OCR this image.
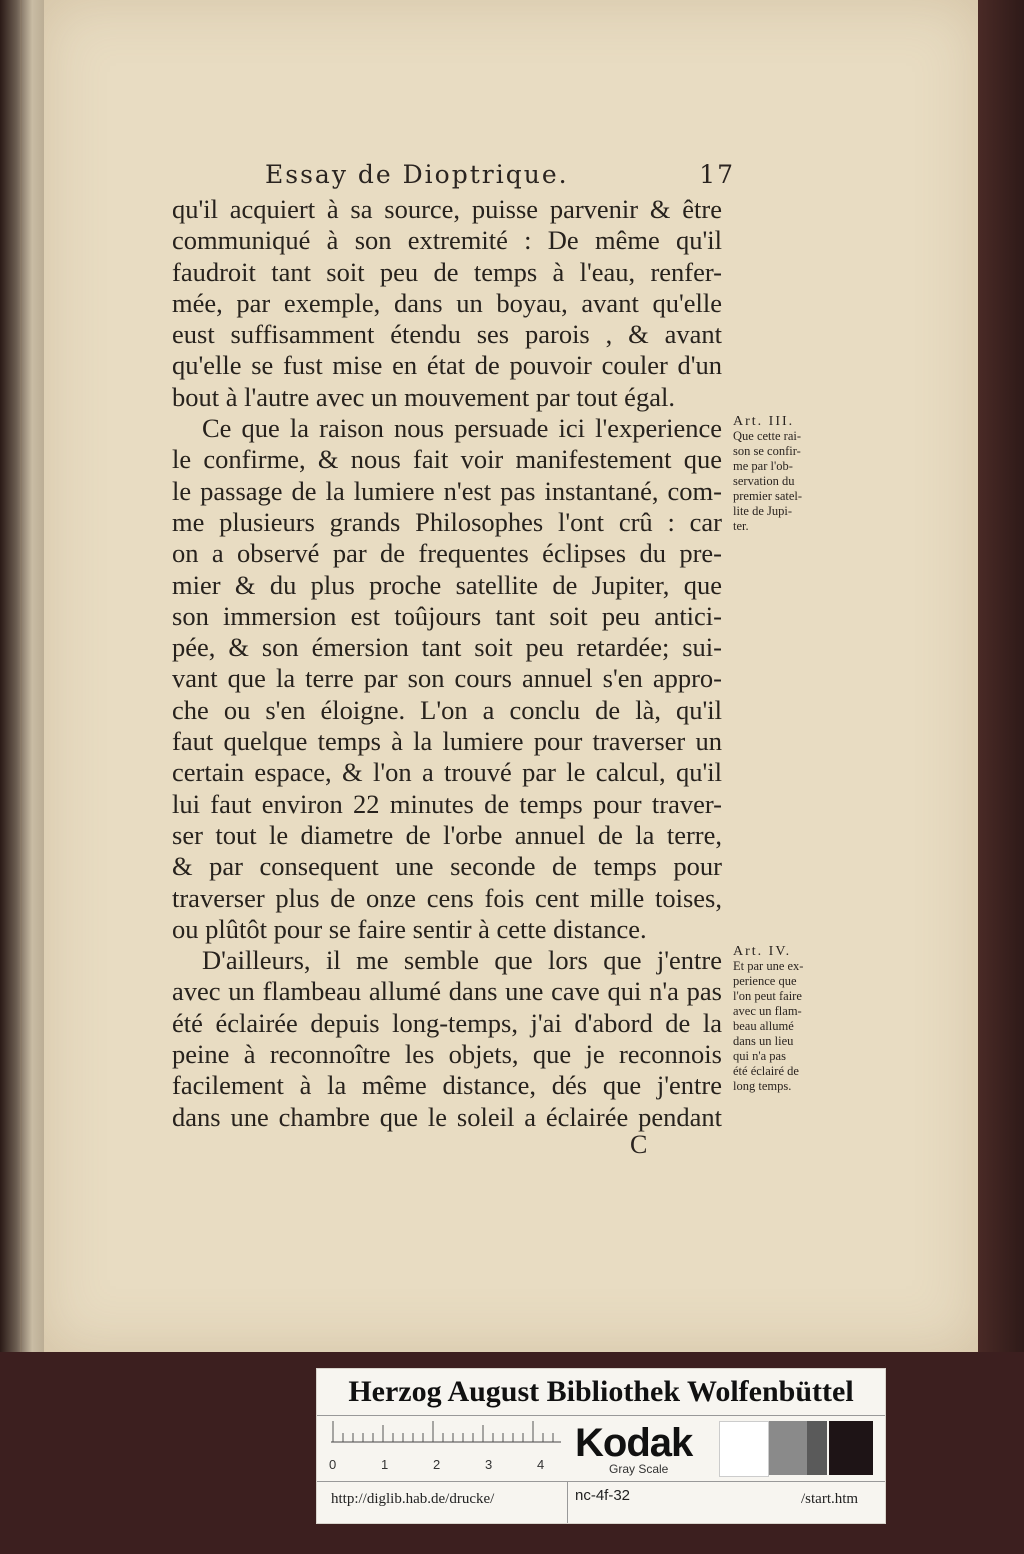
Essay de Dioptrique.	17
qu'il acquiert à sa source, puisse parvenir & être
communiqué à son extremité : De même qu'il
faudroit tant soit peu de temps à l'eau, renfer-
mée, par exemple, dans un boyau, avant qu'elle
eust suffisamment étendu ses parois , & avant
qu'elle se fust mise en état de pouvoir couler d'un
bout à l'autre avec un mouvement par tout égal.
Ce que la raison nous persuade ici l'experience
le confirme, & nous fait voir manifestement que
le passage de la lumiere n'est pas instantané, com-
me plusieurs grands Philosophes l'ont crû : car
on a observé par de frequentes éclipses du pre-
mier & du plus proche satellite de Jupiter, que
son immersion est toûjours tant soit peu antici-
pée, & son émersion tant soit peu retardée; sui-
vant que la terre par son cours annuel s'en appro-
che ou s'en éloigne. L'on a conclu de là, qu'il
faut quelque temps à la lumiere pour traverser un
certain espace, & l'on a trouvé par le calcul, qu'il
lui faut environ 22 minutes de temps pour traver-
ser tout le diametre de l'orbe annuel de la terre,
& par consequent une seconde de temps pour
traverser plus de onze cens fois cent mille toises,
ou plûtôt pour se faire sentir à cette distance.
D'ailleurs, il me semble que lors que j'entre
avec un flambeau allumé dans une cave qui n'a pas
été éclairée depuis long-temps, j'ai d'abord de la
peine à reconnoître les objets, que je reconnois
facilement à la même distance, dés que j'entre
dans une chambre que le soleil a éclairée pendant
C
Art. III.
Que cette rai-
son se confir-
me par l'ob-
servation du
premier satel-
lite de Jupi-
ter.
Art. IV.
Et par une ex-
perience que
l'on peut faire
avec un flam-
beau allumé
dans un lieu
qui n'a pas
été éclairé de
long temps.
Herzog August Bibliothek Wolfenbüttel
0	1	2	3	4 Kodak
Gray Scale
http://diglib.hab.de/drucke/	nc-4f-32	/start.htm
